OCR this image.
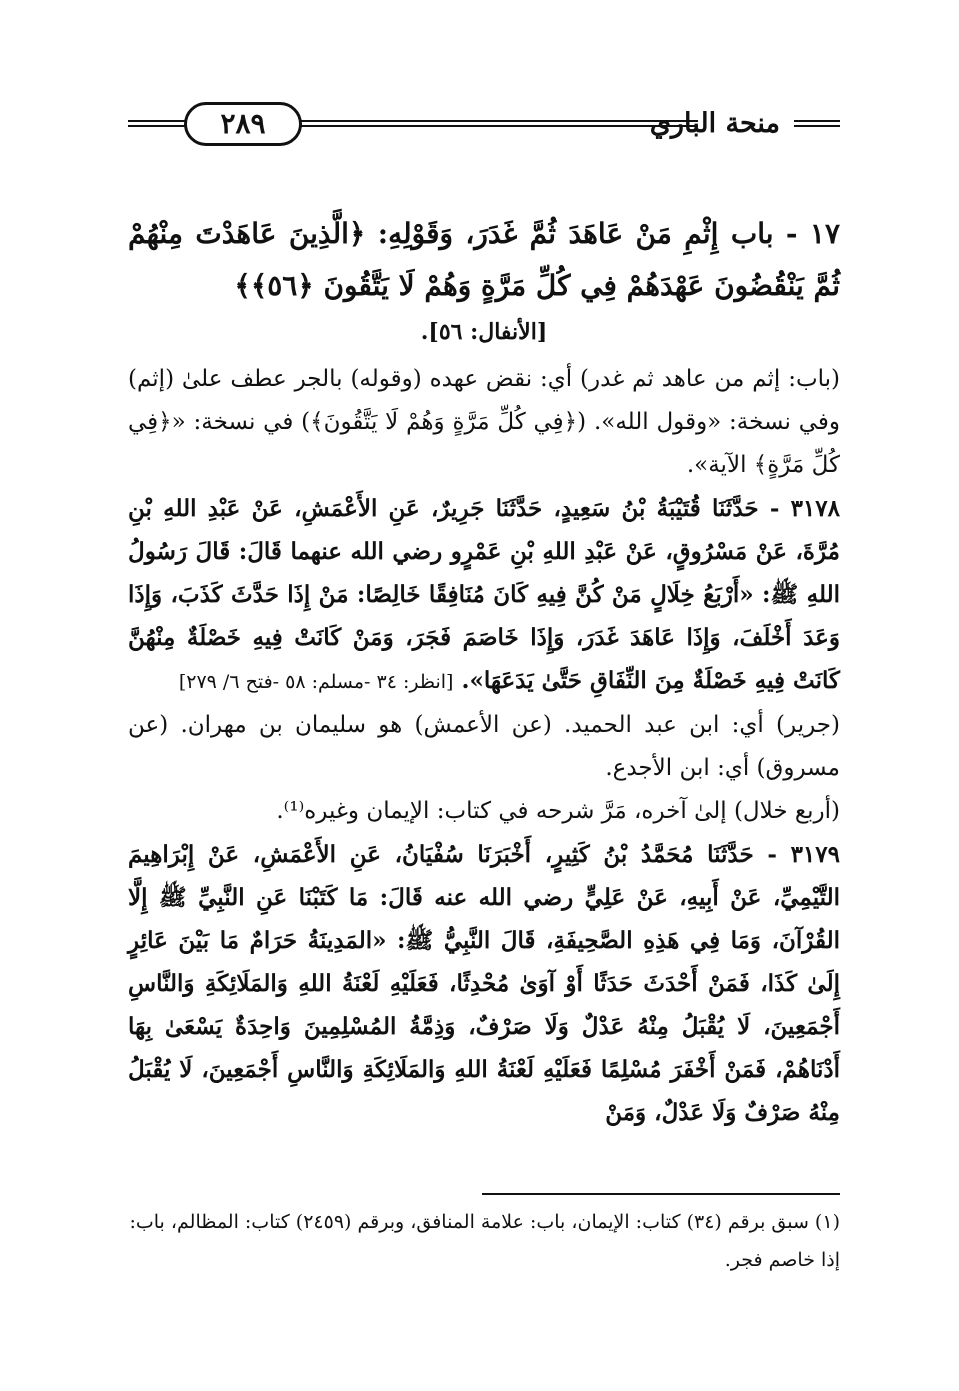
٢٨٩	منحة الباري

١٧ - باب إِثْمِ مَنْ عَاهَدَ ثُمَّ غَدَرَ، وَقَوْلِهِ: ﴿الَّذِينَ عَاهَدْتَ مِنْهُمْ ثُمَّ يَنْقُضُونَ عَهْدَهُمْ فِي كُلِّ مَرَّةٍ وَهُمْ لَا يَتَّقُونَ ﴿٥٦﴾﴾

[الأنفال: ٥٦].

(باب: إثم من عاهد ثم غدر) أي: نقض عهده (وقوله) بالجر عطف علىٰ (إثم) وفي نسخة: «وقول الله». (﴿فِي كُلِّ مَرَّةٍ وَهُمْ لَا يَتَّقُونَ﴾) في نسخة: «﴿فِي كُلِّ مَرَّةٍ﴾ الآية».

٣١٧٨ - حَدَّثَنَا قُتَيْبَةُ بْنُ سَعِيدٍ، حَدَّثَنَا جَرِيرٌ، عَنِ الأَعْمَشِ، عَنْ عَبْدِ اللهِ بْنِ مُرَّةَ، عَنْ مَسْرُوقٍ، عَنْ عَبْدِ اللهِ بْنِ عَمْرٍو رضي الله عنهما قَالَ: قَالَ رَسُولُ اللهِ ﷺ: «أَرْبَعُ خِلَالٍ مَنْ كُنَّ فِيهِ كَانَ مُنَافِقًا خَالِصًا: مَنْ إِذَا حَدَّثَ كَذَبَ، وَإِذَا وَعَدَ أَخْلَفَ، وَإِذَا عَاهَدَ غَدَرَ، وَإِذَا خَاصَمَ فَجَرَ، وَمَنْ كَانَتْ فِيهِ خَصْلَةٌ مِنْهُنَّ كَانَتْ فِيهِ خَصْلَةٌ مِنَ النِّفَاقِ حَتَّىٰ يَدَعَهَا». [انظر: ٣٤ -مسلم: ٥٨ -فتح ٦/ ٢٧٩]

(جرير) أي: ابن عبد الحميد. (عن الأعمش) هو سليمان بن مهران. (عن مسروق) أي: ابن الأجدع.

(أربع خلال) إلىٰ آخره، مَرَّ شرحه في كتاب: الإيمان وغيره⁽¹⁾.

٣١٧٩ - حَدَّثَنَا مُحَمَّدُ بْنُ كَثِيرٍ، أَخْبَرَنَا سُفْيَانُ، عَنِ الأَعْمَشِ، عَنْ إِبْرَاهِيمَ التَّيْمِيِّ، عَنْ أَبِيهِ، عَنْ عَلِيٍّ رضي الله عنه قَالَ: مَا كَتَبْنَا عَنِ النَّبِيِّ ﷺ إِلَّا القُرْآنَ، وَمَا فِي هَذِهِ الصَّحِيفَةِ، قَالَ النَّبِيُّ ﷺ: «المَدِينَةُ حَرَامٌ مَا بَيْنَ عَائِرٍ إِلَىٰ كَذَا، فَمَنْ أَحْدَثَ حَدَثًا أَوْ آوَىٰ مُحْدِثًا، فَعَلَيْهِ لَعْنَةُ اللهِ وَالمَلَائِكَةِ وَالنَّاسِ أَجْمَعِينَ، لَا يُقْبَلُ مِنْهُ عَدْلٌ وَلَا صَرْفٌ، وَذِمَّةُ المُسْلِمِينَ وَاحِدَةٌ يَسْعَىٰ بِهَا أَدْنَاهُمْ، فَمَنْ أَخْفَرَ مُسْلِمًا فَعَلَيْهِ لَعْنَةُ اللهِ وَالمَلَائِكَةِ وَالنَّاسِ أَجْمَعِينَ، لَا يُقْبَلُ مِنْهُ صَرْفٌ وَلَا عَدْلٌ، وَمَنْ

(١) سبق برقم (٣٤) كتاب: الإيمان، باب: علامة المنافق، وبرقم (٢٤٥٩) كتاب: المظالم، باب: إذا خاصم فجر.
